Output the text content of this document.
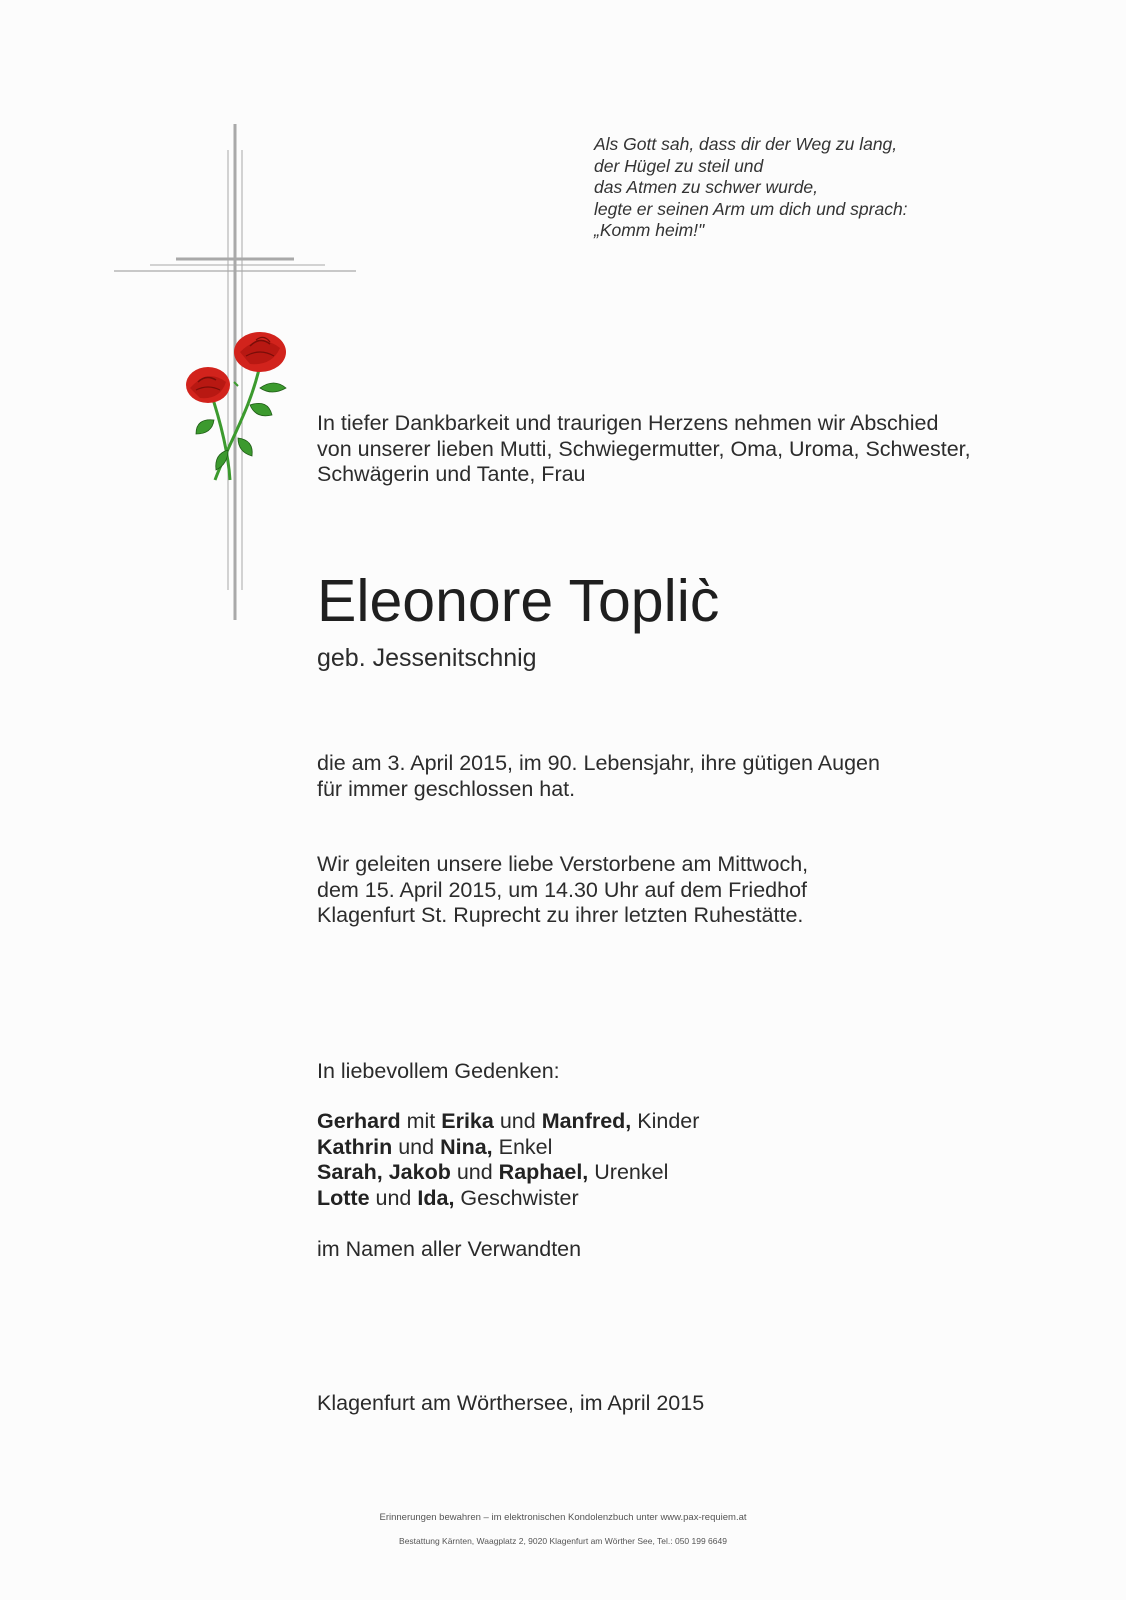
Als Gott sah, dass dir der Weg zu lang,
der Hügel zu steil und
das Atmen zu schwer wurde,
legte er seinen Arm um dich und sprach:
„Komm heim!"
In tiefer Dankbarkeit und traurigen Herzens nehmen wir Abschied
von unserer lieben Mutti, Schwiegermutter, Oma, Uroma, Schwester,
Schwägerin und Tante, Frau
Eleonore Toplic̀
geb. Jessenitschnig
die am 3. April 2015, im 90. Lebensjahr, ihre gütigen Augen
für immer geschlossen hat.
Wir geleiten unsere liebe Verstorbene am Mittwoch,
dem 15. April 2015, um 14.30 Uhr auf dem Friedhof
Klagenfurt St. Ruprecht zu ihrer letzten Ruhestätte.
In liebevollem Gedenken:
Gerhard mit Erika und Manfred, Kinder
Kathrin und Nina, Enkel
Sarah, Jakob und Raphael, Urenkel
Lotte und Ida, Geschwister
im Namen aller Verwandten
Klagenfurt am Wörthersee, im April 2015
Erinnerungen bewahren – im elektronischen Kondolenzbuch unter www.pax-requiem.at
Bestattung Kärnten, Waagplatz 2, 9020 Klagenfurt am Wörther See, Tel.: 050 199 6649
